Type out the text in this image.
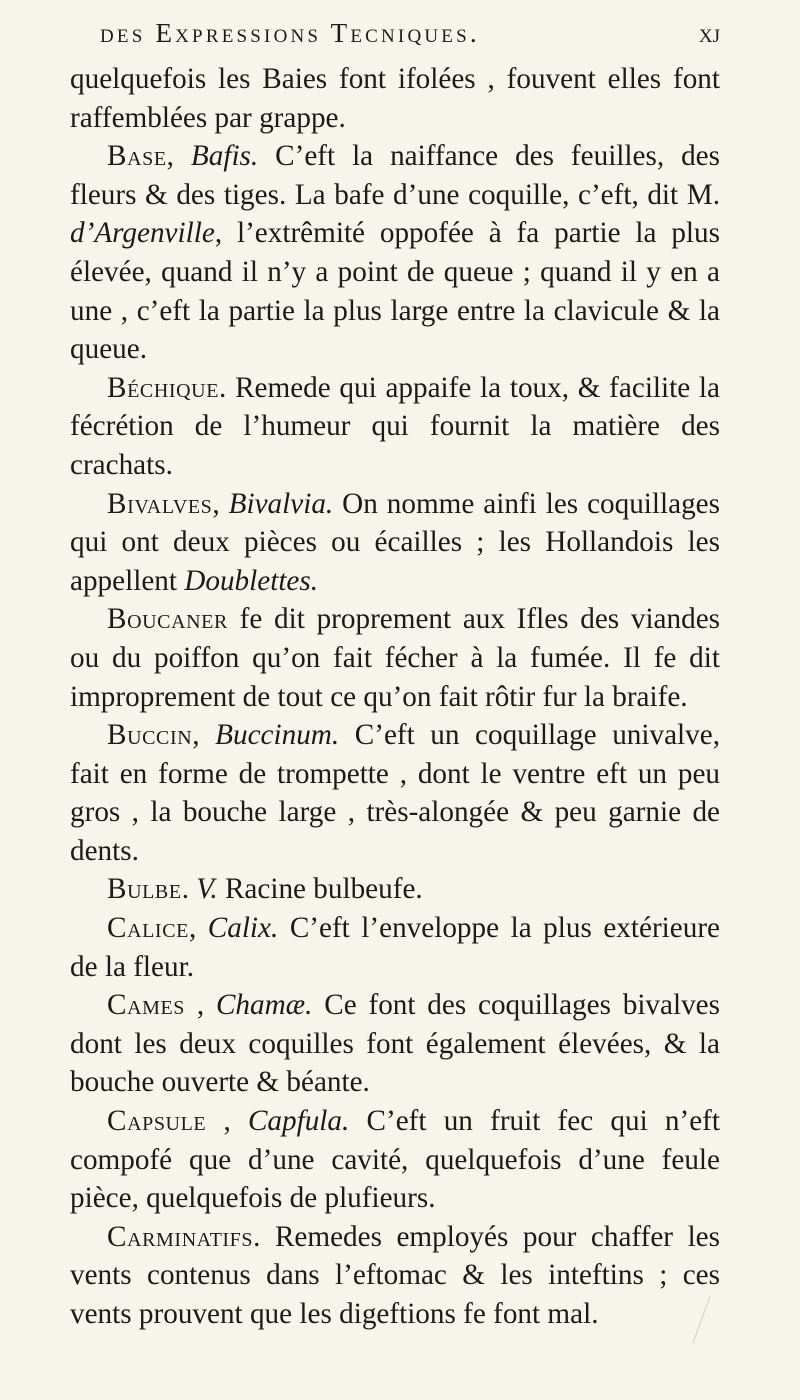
des Expressions Tecniques.	xj

quelquefois les Baies font ifolées , fouvent elles font raffemblées par grappe.

Base, Bafis. C’eft la naiffance des feuilles, des fleurs & des tiges. La bafe d’une coquille, c’eft, dit M. d’Argenville, l’extrêmité oppofée à fa partie la plus élevée, quand il n’y a point de queue ; quand il y en a une , c’eft la partie la plus large entre la clavicule & la queue.

Béchique. Remede qui appaife la toux, & facilite la fécrétion de l’humeur qui fournit la matière des crachats.

Bivalves, Bivalvia. On nomme ainfi les coquillages qui ont deux pièces ou écailles ; les Hollandois les appellent Doublettes.

Boucaner fe dit proprement aux Ifles des viandes ou du poiffon qu’on fait fécher à la fumée. Il fe dit improprement de tout ce qu’on fait rôtir fur la braife.

Buccin, Buccinum. C’eft un coquillage univalve, fait en forme de trompette , dont le ventre eft un peu gros , la bouche large , très-alongée & peu garnie de dents.

Bulbe. V. Racine bulbeufe.

Calice, Calix. C’eft l’enveloppe la plus extérieure de la fleur.

Cames , Chamæ. Ce font des coquillages bivalves dont les deux coquilles font également élevées, & la bouche ouverte & béante.

Capsule , Capfula. C’eft un fruit fec qui n’eft compofé que d’une cavité, quelquefois d’une feule pièce, quelquefois de plufieurs.

Carminatifs. Remedes employés pour chaffer les vents contenus dans l’eftomac & les inteftins ; ces vents prouvent que les digeftions fe font mal.
